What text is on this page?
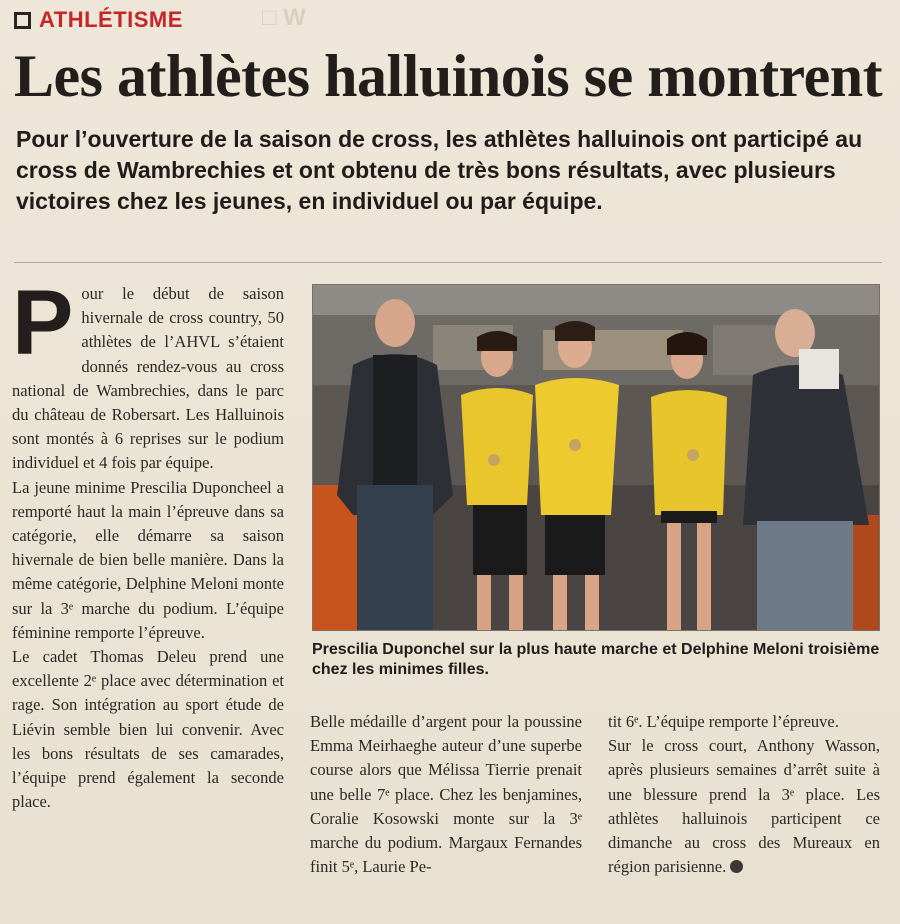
□ W
ATHLÉTISME
Les athlètes halluinois se montrent

Pour l’ouverture de la saison de cross, les athlètes halluinois ont participé au cross de Wambrechies et ont obtenu de très bons résultats, avec plusieurs victoires chez les jeunes, en individuel ou par équipe.

Pour le début de saison hivernale de cross country, 50 athlètes de l’AHVL s’étaient donnés rendez-vous au cross national de Wambrechies, dans le parc du château de Robersart. Les Halluinois sont montés à 6 reprises sur le podium individuel et 4 fois par équipe.

La jeune minime Prescilia Duponcheel a remporté haut la main l’épreuve dans sa catégorie, elle démarre sa saison hivernale de bien belle manière. Dans la même catégorie, Delphine Meloni monte sur la 3ᵉ marche du podium. L’équipe féminine remporte l’épreuve.

Le cadet Thomas Deleu prend une excellente 2ᵉ place avec détermination et rage. Son intégration au sport étude de Liévin semble bien lui convenir. Avec les bons résultats de ses camarades, l’équipe prend également la seconde place.

Prescilia Duponchel sur la plus haute marche et Delphine Meloni troisième chez les minimes filles.

Belle médaille d’argent pour la poussine Emma Meirhaeghe auteur d’une superbe course alors que Mélissa Tierrie prenait une belle 7ᵉ place. Chez les benjamines, Coralie Kosowski monte sur la 3ᵉ marche du podium. Margaux Fernandes finit 5ᵉ, Laurie Pe-

tit 6ᵉ. L’équipe remporte l’épreuve.

Sur le cross court, Anthony Wasson, après plusieurs semaines d’arrêt suite à une blessure prend la 3ᵉ place. Les athlètes halluinois participent ce dimanche au cross des Mureaux en région parisienne.
